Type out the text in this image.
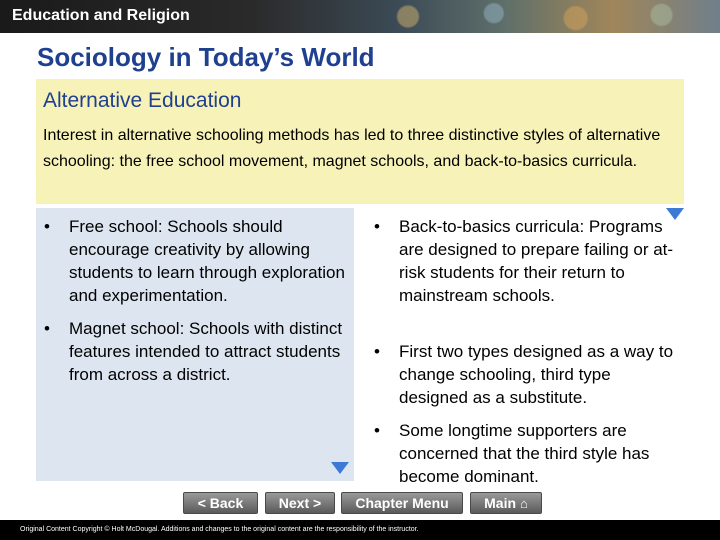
Education and Religion
Sociology in Today’s World
Alternative Education
Interest in alternative schooling methods has led to three distinctive styles of alternative schooling: the free school movement, magnet schools, and back-to-basics curricula.
•	Free school: Schools should encourage creativity by allowing students to learn through exploration and experimentation.
•	Magnet school: Schools with distinct features intended to attract students from across a district.
•	Back-to-basics curricula: Programs are designed to prepare failing or at-risk students for their return to mainstream schools.
•	First two types designed as a way to change schooling, third type designed as a substitute.
•	Some longtime supporters are concerned that the third style has become dominant.
< Back	Next > Chapter Menu	Main ⌂
Original Content Copyright © Holt McDougal. Additions and changes to the original content are the responsibility of the instructor.
